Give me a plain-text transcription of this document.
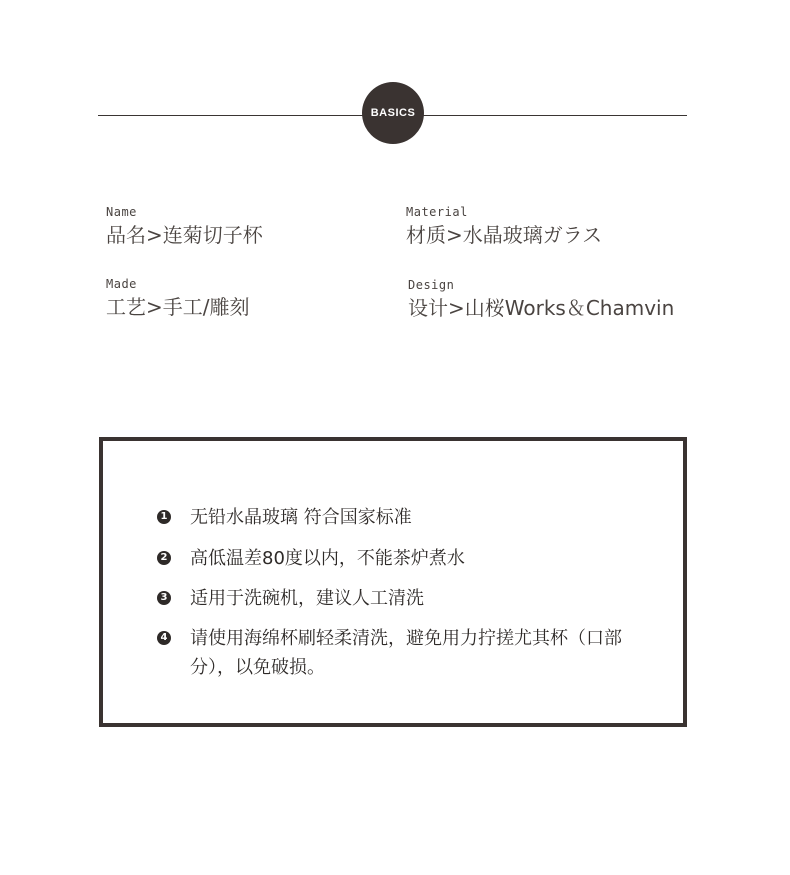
BASICS
Name
品名>连菊切子杯
Material
材质>水晶玻璃ガラス
Made
工艺>手工/雕刻
Design
设计>山桜Works＆Chamvin
1 无铅水晶玻璃 符合国家标准
2 高低温差80度以内，不能茶炉煮水
3 适用于洗碗机，建议人工清洗
4 请使用海绵杯刷轻柔清洗，避免用力拧搓尤其杯（口部分），以免破损。
